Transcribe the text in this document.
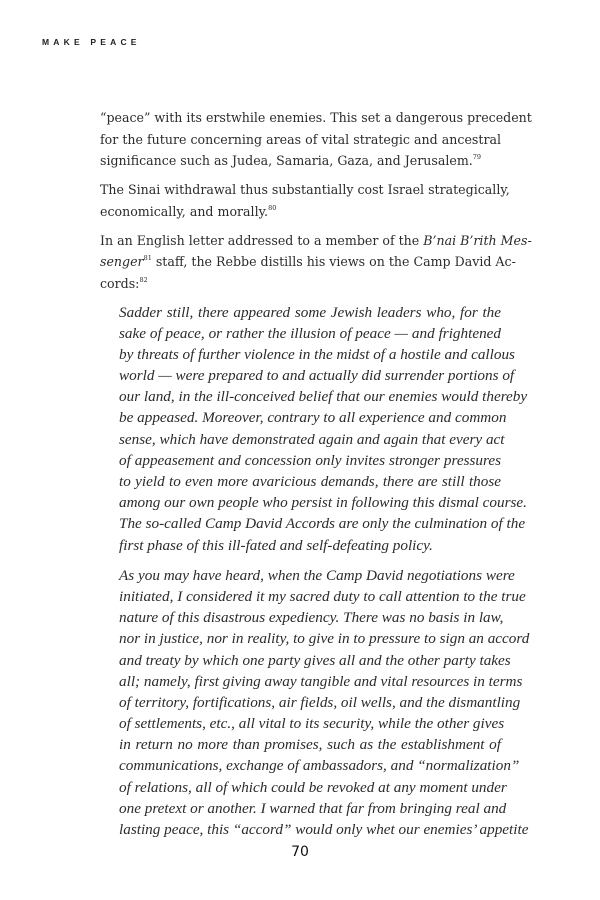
MAKE PEACE
“peace” with its erstwhile enemies. This set a dangerous precedent
for the future concerning areas of vital strategic and ancestral
significance such as Judea, Samaria, Gaza, and Jerusalem.$^{79}$
The Sinai withdrawal thus substantially cost Israel strategically,
economically, and morally.$^{80}$
In an English letter addressed to a member of the B’nai B’rith Mes-
senger$^{81}$ staff, the Rebbe distills his views on the Camp David Ac-
cords:$^{82}$
Sadder still, there appeared some Jewish leaders who, for the
sake of peace, or rather the illusion of peace — and frightened
by threats of further violence in the midst of a hostile and callous
world — were prepared to and actually did surrender portions of
our land, in the ill-conceived belief that our enemies would thereby
be appeased. Moreover, contrary to all experience and common
sense, which have demonstrated again and again that every act
of appeasement and concession only invites stronger pressures
to yield to even more avaricious demands, there are still those
among our own people who persist in following this dismal course.
The so-called Camp David Accords are only the culmination of the
first phase of this ill-fated and self-defeating policy.
As you may have heard, when the Camp David negotiations were
initiated, I considered it my sacred duty to call attention to the true
nature of this disastrous expediency. There was no basis in law,
nor in justice, nor in reality, to give in to pressure to sign an accord
and treaty by which one party gives all and the other party takes
all; namely, first giving away tangible and vital resources in terms
of territory, fortifications, air fields, oil wells, and the dismantling
of settlements, etc., all vital to its security, while the other gives
in return no more than promises, such as the establishment of
communications, exchange of ambassadors, and “normalization”
of relations, all of which could be revoked at any moment under
one pretext or another. I warned that far from bringing real and
lasting peace, this “accord” would only whet our enemies’ appetite
70
